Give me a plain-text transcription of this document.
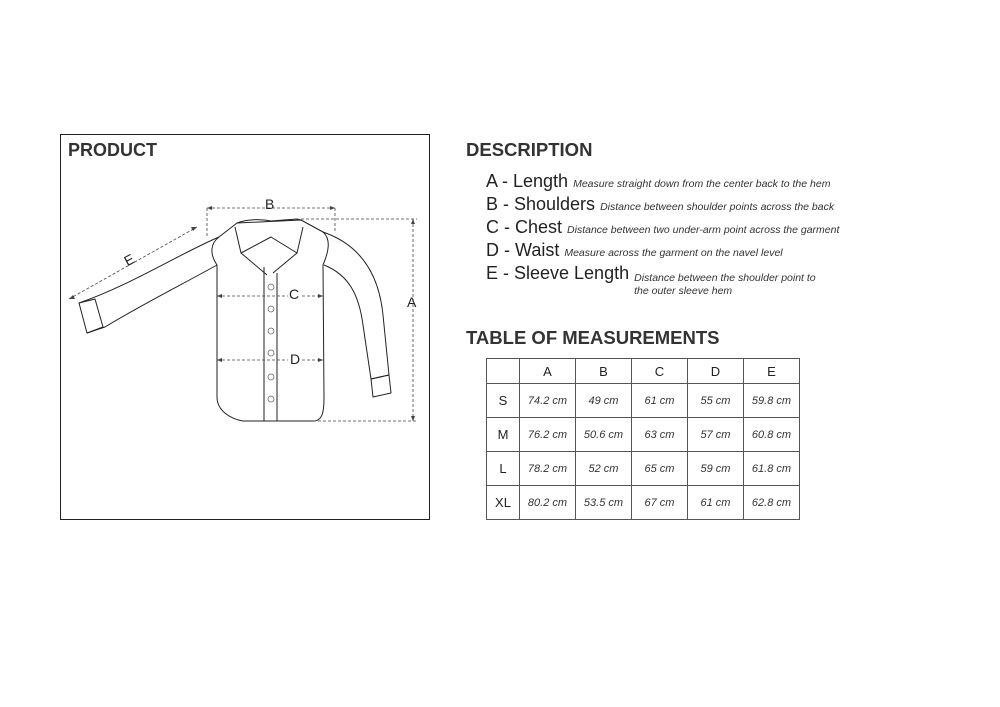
PRODUCT
B
A
C
D
E
DESCRIPTION
A - Length Measure straight down from the center back to the hem
B - Shoulders Distance between shoulder points across the back
C - Chest Distance between two under-arm point across the garment
D - Waist Measure across the garment on the navel level
E - Sleeve Length Distance between the shoulder point to
the outer sleeve hem
TABLE OF MEASUREMENTS
	A	B	C	D	E
S	74.2 cm	49 cm	61 cm	55 cm	59.8 cm
M	76.2 cm	50.6 cm	63 cm	57 cm	60.8 cm
L	78.2 cm	52 cm	65 cm	59 cm	61.8 cm
XL	80.2 cm	53.5 cm	67 cm	61 cm	62.8 cm
